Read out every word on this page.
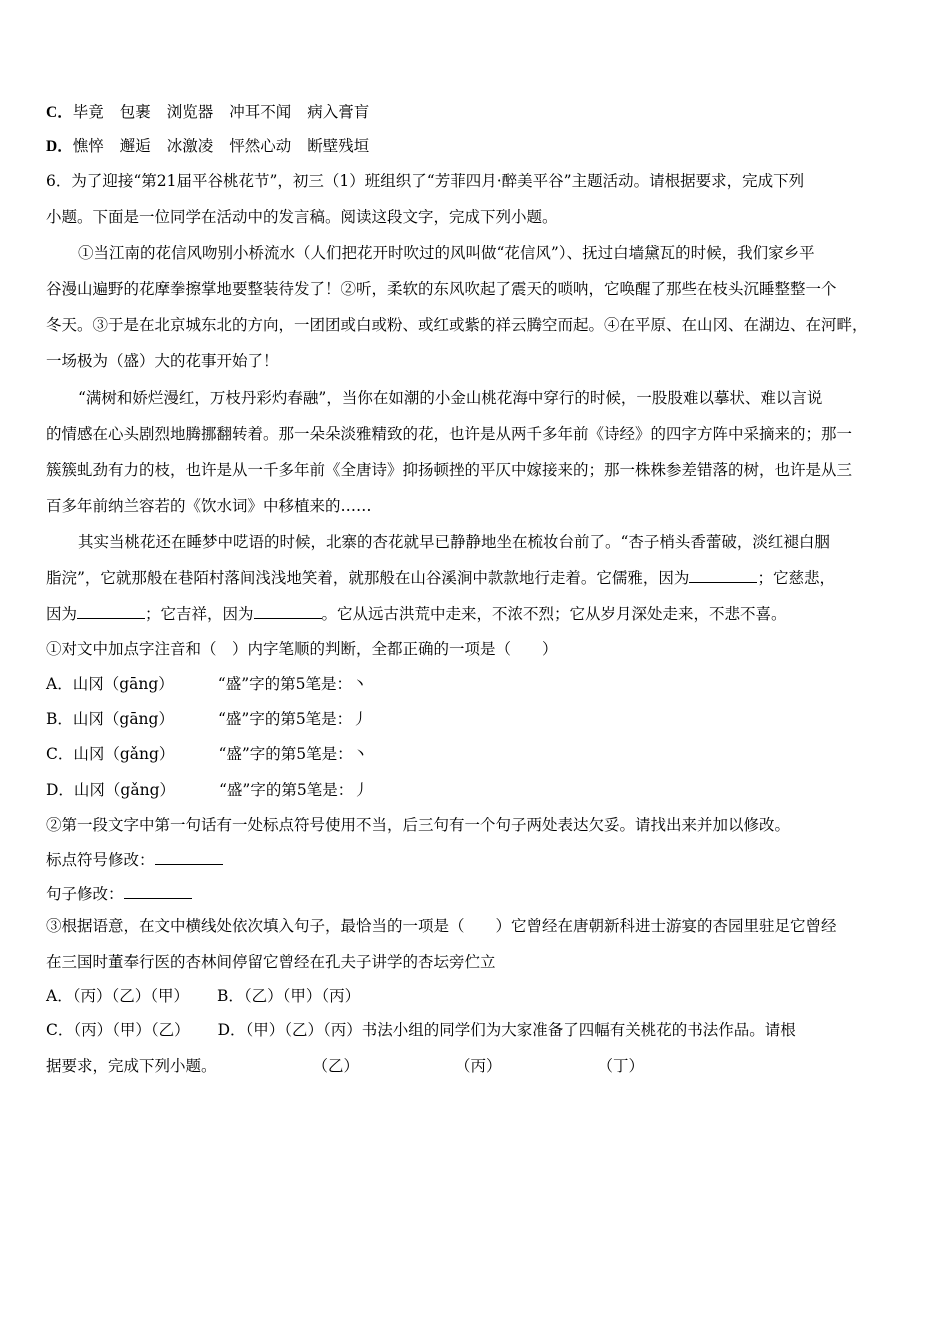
C．毕竟 包裹 浏览器 冲耳不闻 病入膏肓
D．憔悴 邂逅 冰激凌 怦然心动 断壁残垣
6．为了迎接“第21届平谷桃花节”，初三（1）班组织了“芳菲四月·醉美平谷”主题活动。请根据要求，完成下列
小题。下面是一位同学在活动中的发言稿。阅读这段文字，完成下列小题。
①当江南的花信风吻别小桥流水（人们把花开时吹过的风叫做“花信风”）、抚过白墙黛瓦的时候，我们家乡平
谷漫山遍野的花摩拳擦掌地要整装待发了！②听，柔软的东风吹起了震天的唢呐，它唤醒了那些在枝头沉睡整整一个
冬天。③于是在北京城东北的方向，一团团或白或粉、或红或紫的祥云腾空而起。④在平原、在山冈、在湖边、在河畔，
一场极为（盛）大的花事开始了！
“满树和娇烂漫红，万枝丹彩灼春融”，当你在如潮的小金山桃花海中穿行的时候，一股股难以摹状、难以言说
的情感在心头剧烈地腾挪翻转着。那一朵朵淡雅精致的花，也许是从两千多年前《诗经》的四字方阵中采摘来的；那一
簇簇虬劲有力的枝，也许是从一千多年前《全唐诗》抑扬顿挫的平仄中嫁接来的；那一株株参差错落的树，也许是从三
百多年前纳兰容若的《饮水词》中移植来的……
其实当桃花还在睡梦中呓语的时候，北寨的杏花就早已静静地坐在梳妆台前了。“杏子梢头香蕾破，淡红褪白胭
脂浣”，它就那般在巷陌村落间浅浅地笑着，就那般在山谷溪涧中款款地行走着。它儒雅，因为	；它慈悲，
因为	；它吉祥，因为	。它从远古洪荒中走来，不浓不烈；它从岁月深处走来，不悲不喜。
①对文中加点字注音和（　）内字笔顺的判断，全都正确的一项是（　　）
A．山冈（gāng）	“盛”字的第5笔是：丶
B．山冈（gāng）	“盛”字的第5笔是：丿
C．山冈（gǎng）	“盛”字的第5笔是：丶
D．山冈（gǎng）	“盛”字的第5笔是：丿
②第一段文字中第一句话有一处标点符号使用不当，后三句有一个句子两处表达欠妥。请找出来并加以修改。
标点符号修改：
句子修改：
③根据语意，在文中横线处依次填入句子，最恰当的一项是（　　）它曾经在唐朝新科进士游宴的杏园里驻足它曾经
在三国时董奉行医的杏林间停留它曾经在孔夫子讲学的杏坛旁伫立
A．（丙）（乙）（甲） B．（乙）（甲）（丙）
C．（丙）（甲）（乙） D．（甲）（乙）（丙）书法小组的同学们为大家准备了四幅有关桃花的书法作品。请根
据要求，完成下列小题。	（乙）	（丙）	（丁）
